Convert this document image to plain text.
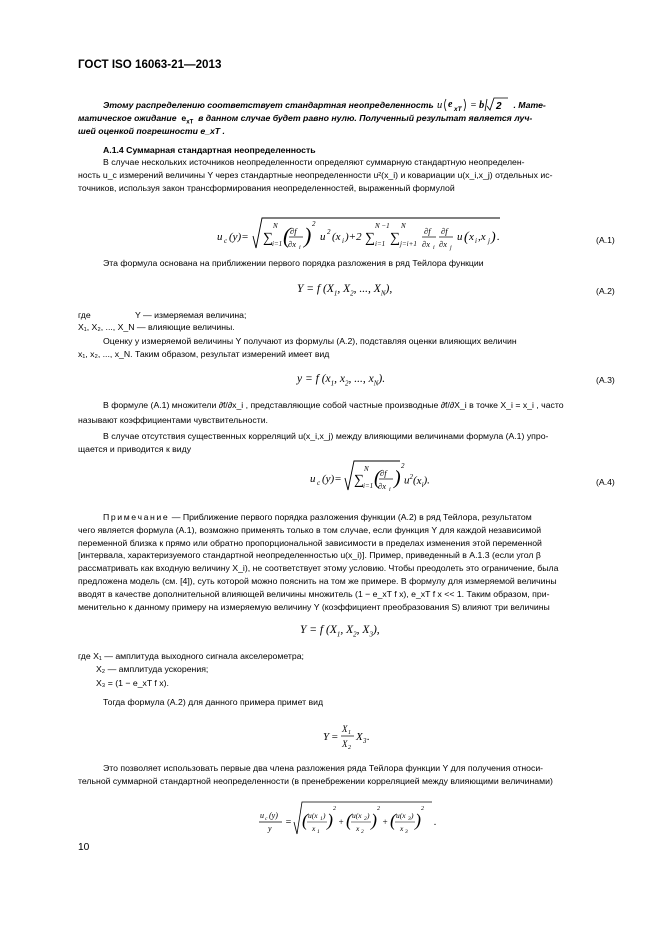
ГОСТ ISO 16063-21—2013
Этому распределению соответствует стандартная неопределенность u e xT = b 2 . Мате-
матическое ожидание  $e_{xT}$ в данном случае будет равно нулю. Полученный результат является луч-
шей оценкой погрешности e_xT .
А.1.4 Суммарная стандартная неопределенность
В случае нескольких источников неопределенности определяют суммарную стандартную неопределен-
ность u_c измерений величины Y через стандартные неопределенности u²(x_i) и ковариации u(x_i,x_j) отдельных ис-
точников, используя закон трансформирования неопределенностей, выраженный формулой
u c (y)= ∑
N
i=1 ( ∂f
∂x i ) 2
u 2 (x i )+2 ∑
N −1
i=1 ∑
N
j=i+1
∂f
∂x i
∂f
∂x j
u ( x i ,x j ) .	(А.1)
Эта формула основана на приближении первого порядка разложения в ряд Тейлора функции
Y = f ($X_1$, $X_2$, ..., $X_N$),	(А.2)
где	Y — измеряемая величина;
X₁, X₂, ..., X_N — влияющие величины.
Оценку y измеряемой величины Y получают из формулы (А.2), подставляя оценки влияющих величин
x₁, x₂, ..., x_N. Таким образом, результат измерений имеет вид
y = f ($x_1$, $x_2$, ..., $x_N$).	(А.3)
В формуле (А.1) множители ∂f/∂x_i , представляющие собой частные производные ∂f/∂X_i в точке X_i = x_i , часто
называют коэффициентами чувствительности.
В случае отсутствия существенных корреляций u(x_i,x_j) между влияющими величинами формула (А.1) упро-
щается и приводится к виду
u c (y)= ∑
N
i=1 ( ∂f
∂x i
)
2
$u^2(x_i)$.	(А.4)
Примечание — Приближение первого порядка разложения функции (А.2) в ряд Тейлора, результатом
чего является формула (А.1), возможно применять только в том случае, если функция Y для каждой независимой
переменной близка к прямо или обратно пропорциональной зависимости в пределах изменения этой переменной
[интервала, характеризуемого стандартной неопределенностью u(x_i)]. Пример, приведенный в А.1.3 (если угол β
рассматривать как входную величину X_i), не соответствует этому условию. Чтобы преодолеть это ограничение, была
предложена модель (см. [4]), суть которой можно пояснить на том же примере. В формулу для измеряемой величины
вводят в качестве дополнительной влияющей величины множитель (1 − e_xT f x), e_xT f x << 1. Таким образом, при-
менительно к данному примеру на измеряемую величину Y (коэффициент преобразования S) влияют три величины
Y = f ($X_1$, $X_2$, $X_3$),
где X₁ — амплитуда выходного сигнала акселерометра;
X₂ — амплитуда ускорения;
X₃ = (1 − e_xT f x).
Тогда формула (А.2) для данного примера примет вид
Y =
X 1
X 2
X 3 .
Это позволяет использовать первые два члена разложения ряда Тейлора функции Y для получения относи-
тельной суммарной стандартной неопределенности (в пренебрежении корреляцией между влияющими величинами)
u c (y)
y
= ( u(x 1 )
x 1
)
2
+ ( u(x 2 )
x 2
)
2
+ ( u(x 3 )
x 3
)
2
.
10
